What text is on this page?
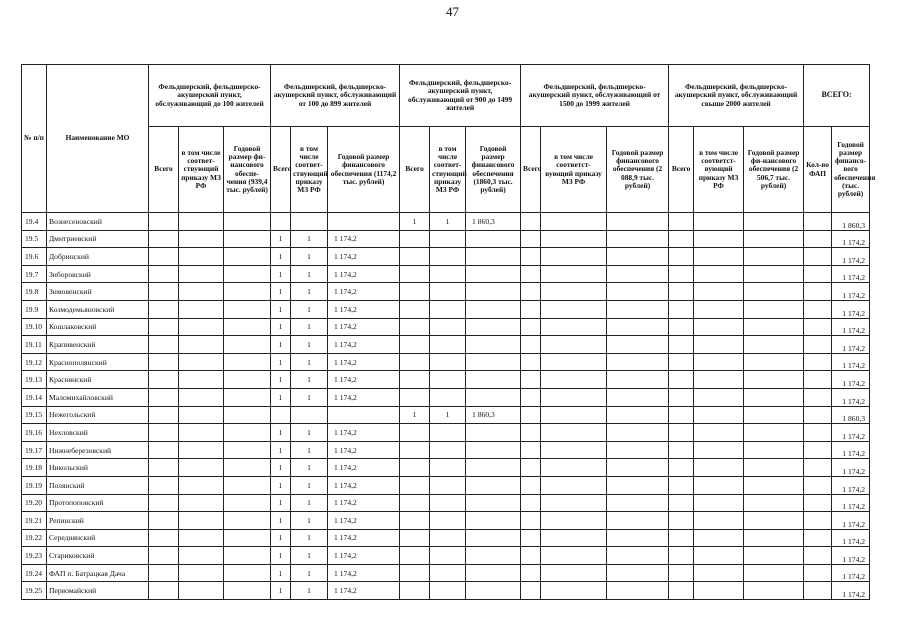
47
№ п/п	Наименование МО	Фельдшерский, фельдшерско-акушерский пункт, обслуживающий до 100 жителей			Фельдшерский, фельдшерско-акушерский пункт, обслуживающий от 100 до 899 жителей			Фельдшерский, фельдшерско-акушерский пункт, обслуживающий от 900 до 1499 жителей			Фельдшерский, фельдшерско-акушерский пункт, обслуживающий от 1500 до 1999 жителей			Фельдшерский, фельдшерско-акушерский пункт, обслуживающий свыше 2000 жителей			ВСЕГО:	
		Всего	в том числе соответ-ствующий приказу МЗ РФ	Годовой размер фи-нансового обеспе-чения (939,4 тыс. рублей)	Всего	в том числе соответ-ствующий приказу МЗ РФ	Годовой размер финансового обеспечения (1174,2 тыс. рублей)	Всего	в том числе соответ-ствующий приказу МЗ РФ	Годовой размер финансового обеспечения (1860,3 тыс. рублей)	Всего	в том числе соответст-вующий приказу МЗ РФ	Годовой размер финансового обеспечения (2 088,9 тыс. рублей)	Всего	в том числе соответст-вующий приказу МЗ РФ	Годовой размер фи-нансового обеспечения (2 506,7 тыс. рублей)	Кол-во ФАП	Годовой размер финансо-вого обеспечения (тыс. рублей)
19.4	Вознесеновский							1	1	1 860,3								1 860,3
19.5	Дмитриевский				1	1	1 174,2											1 174,2
19.6	Добринский				1	1	1 174,2											1 174,2
19.7	Зиборовский				1	1	1 174,2											1 174,2
19.8	Зимовенский				1	1	1 174,2											1 174,2
19.9	Козмодемьяновский				1	1	1 174,2											1 174,2
19.10	Кошлаковский				1	1	1 174,2											1 174,2
19.11	Крапивенский				1	1	1 174,2											1 174,2
19.12	Краснополянский				1	1	1 174,2											1 174,2
19.13	Краснянский				1	1	1 174,2											1 174,2
19.14	Маломихайловский				1	1	1 174,2											1 174,2
19.15	Нежегольский							1	1	1 860,3								1 860,3
19.16	Нехловский				1	1	1 174,2											1 174,2
19.17	Нижнеберезовский				1	1	1 174,2											1 174,2
19.18	Никольский				1	1	1 174,2											1 174,2
19.19	Полянский				1	1	1 174,2											1 174,2
19.20	Протопоповский				1	1	1 174,2											1 174,2
19.21	Репинский				1	1	1 174,2											1 174,2
19.22	Середнянский				1	1	1 174,2											1 174,2
19.23	Стариковский				1	1	1 174,2											1 174,2
19.24	ФАП п. Батрацкая Дача				1	1	1 174,2											1 174,2
19.25	Первомайский				1	1	1 174,2											1 174,2
